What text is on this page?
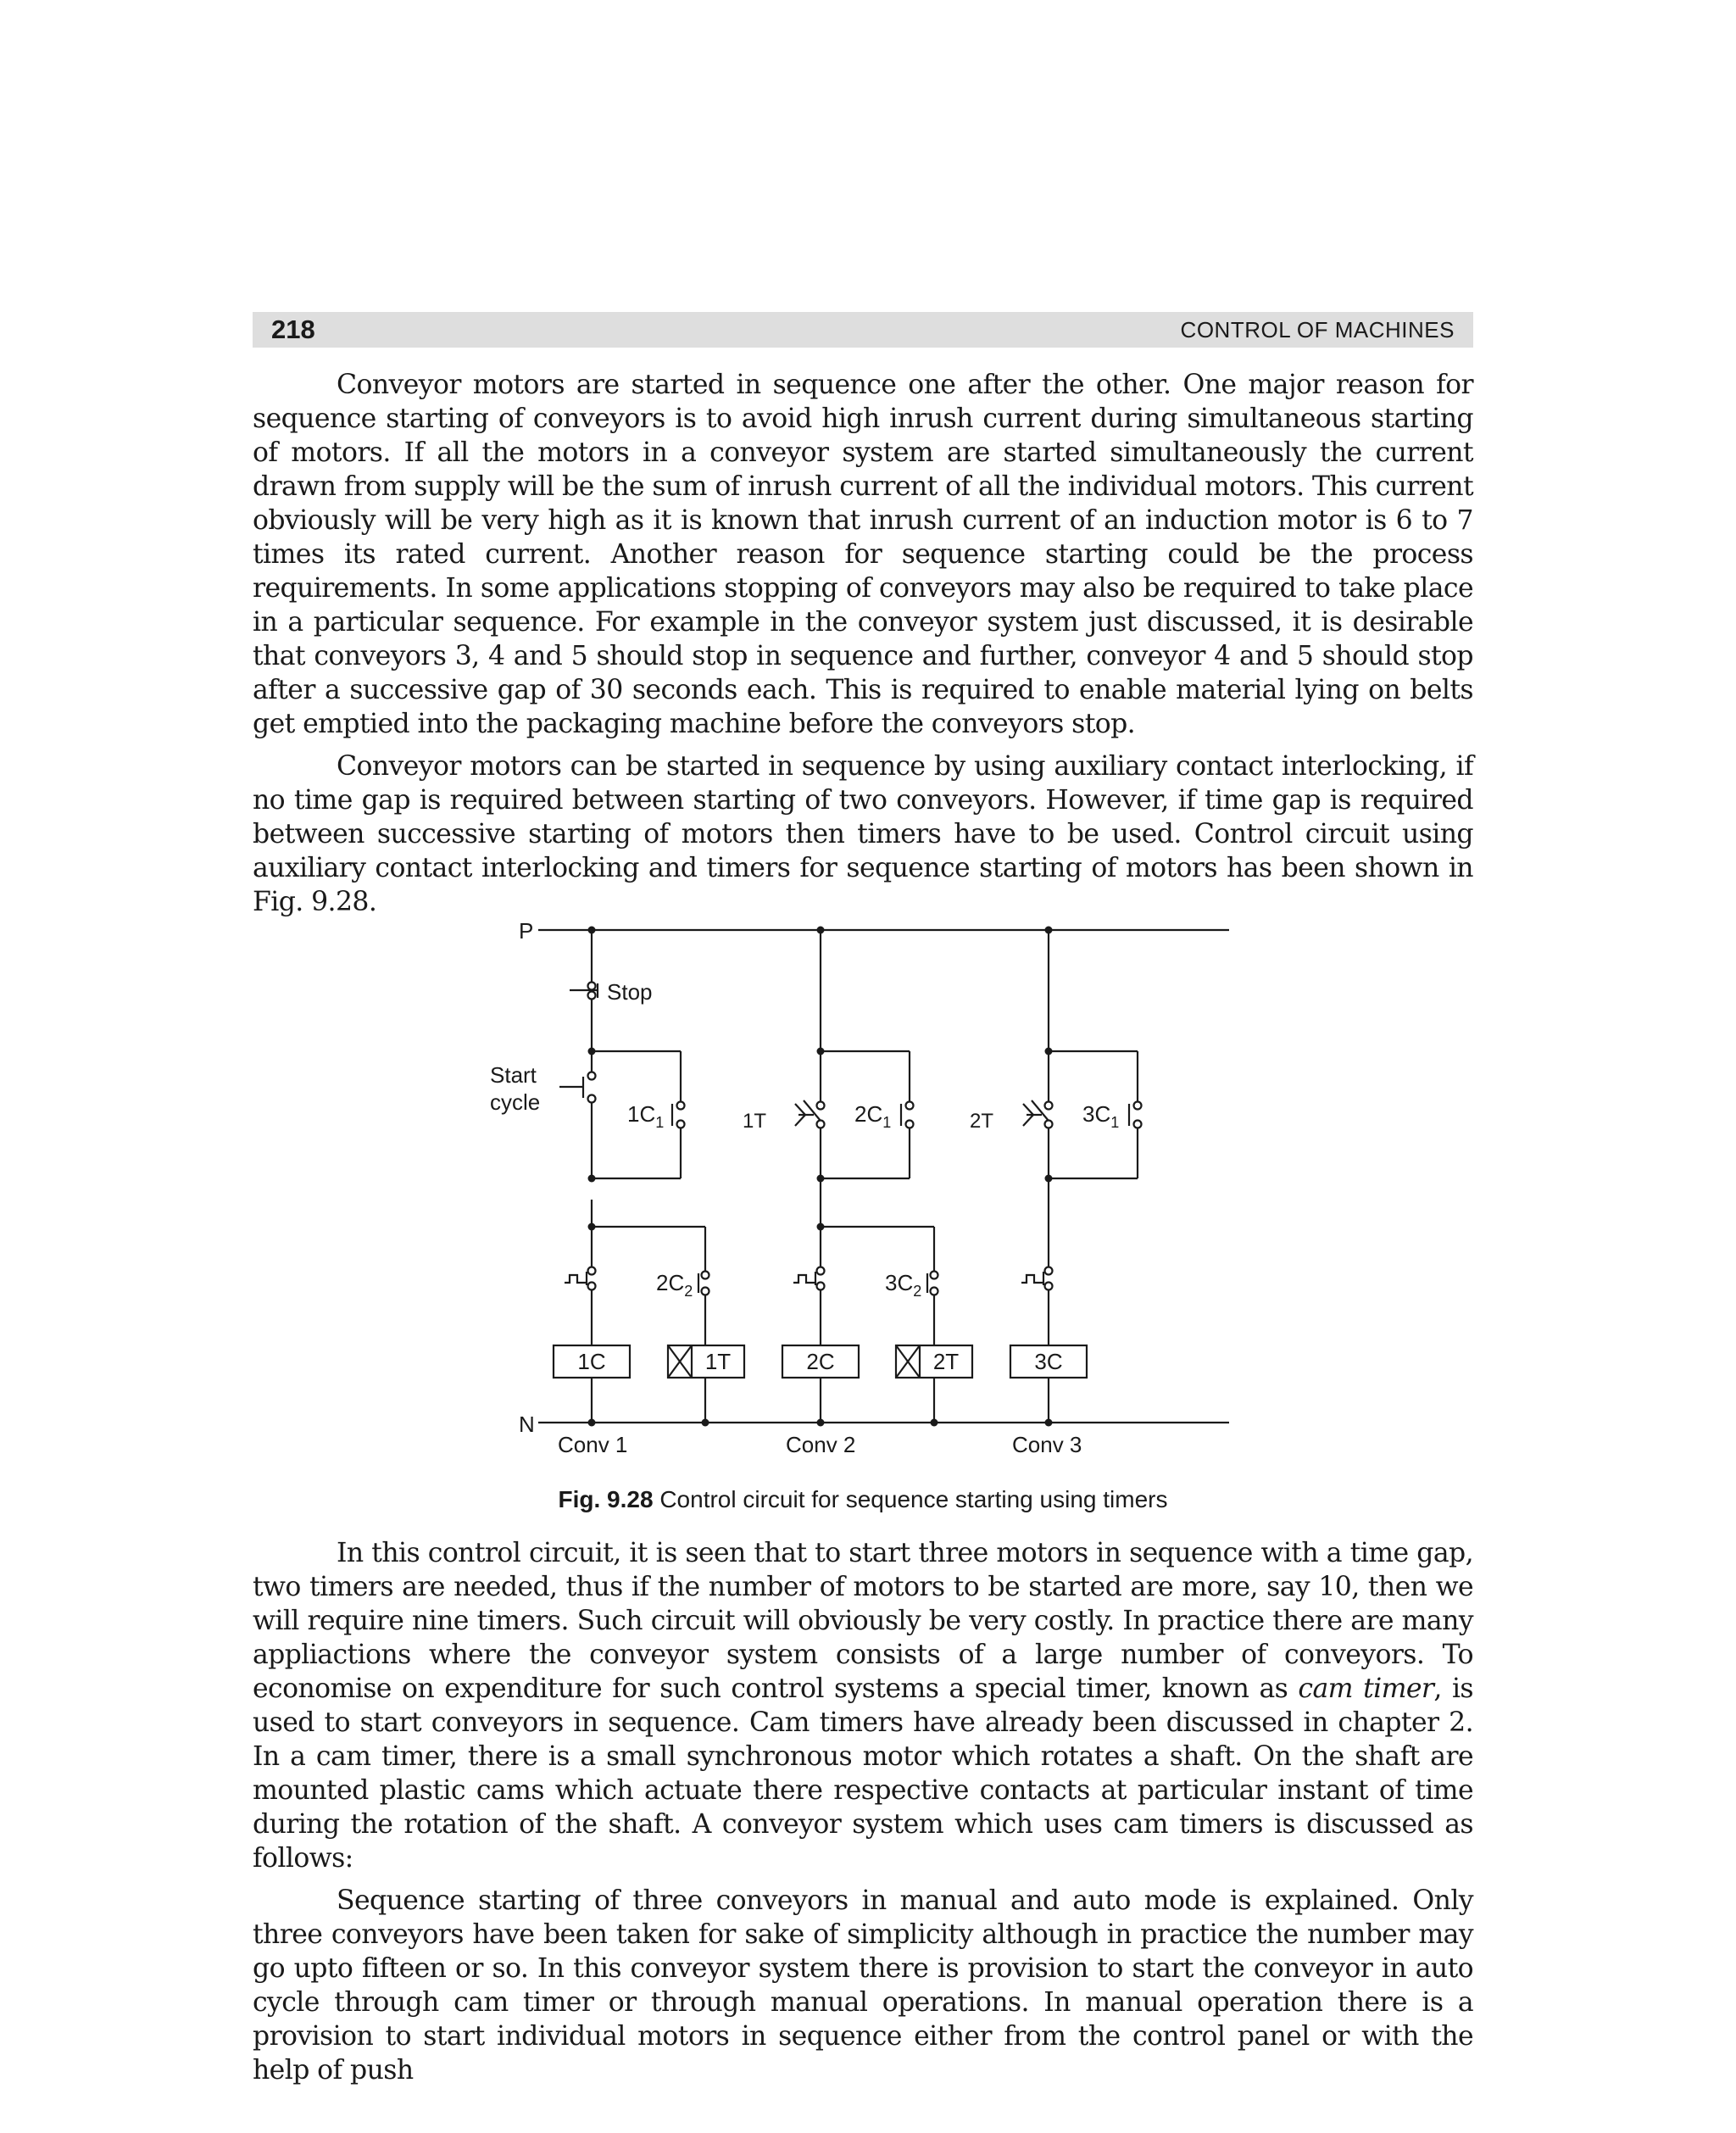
218	CONTROL OF MACHINES

Conveyor motors are started in sequence one after the other. One major reason for sequence starting of conveyors is to avoid high inrush current during simultaneous starting of motors. If all the motors in a conveyor system are started simultaneously the current drawn from supply will be the sum of inrush current of all the individual motors. This current obviously will be very high as it is known that inrush current of an induction motor is 6 to 7 times its rated current. Another reason for sequence starting could be the process requirements. In some applications stopping of conveyors may also be required to take place in a particular sequence. For example in the conveyor system just discussed, it is desirable that conveyors 3, 4 and 5 should stop in sequence and further, conveyor 4 and 5 should stop after a successive gap of 30 seconds each. This is required to enable material lying on belts get emptied into the packaging machine before the conveyors stop.

Conveyor motors can be started in sequence by using auxiliary contact interlocking, if no time gap is required between starting of two conveyors. However, if time gap is required between successive starting of motors then timers have to be used. Control circuit using auxiliary contact interlocking and timers for sequence starting of motors has been shown in Fig. 9.28.

P
N
Stop
Start
cycle	$1C_1$	$2C_1$	$3C_1$
1T	2T
$2C_2$	$3C_2$
1C	1T	2C	2T	3C
Conv 1	Conv 2	Conv 3
Fig. 9.28 Control circuit for sequence starting using timers

In this control circuit, it is seen that to start three motors in sequence with a time gap, two timers are needed, thus if the number of motors to be started are more, say 10, then we will require nine timers. Such circuit will obviously be very costly. In practice there are many appliactions where the conveyor system consists of a large number of conveyors. To economise on expenditure for such control systems a special timer, known as cam timer, is used to start conveyors in sequence. Cam timers have already been discussed in chapter 2. In a cam timer, there is a small synchronous motor which rotates a shaft. On the shaft are mounted plastic cams which actuate there respective contacts at particular instant of time during the rotation of the shaft. A conveyor system which uses cam timers is discussed as follows:

Sequence starting of three conveyors in manual and auto mode is explained. Only three conveyors have been taken for sake of simplicity although in practice the number may go upto fifteen or so. In this conveyor system there is provision to start the conveyor in auto cycle through cam timer or through manual operations. In manual operation there is a provision to start individual motors in sequence either from the control panel or with the help of push
